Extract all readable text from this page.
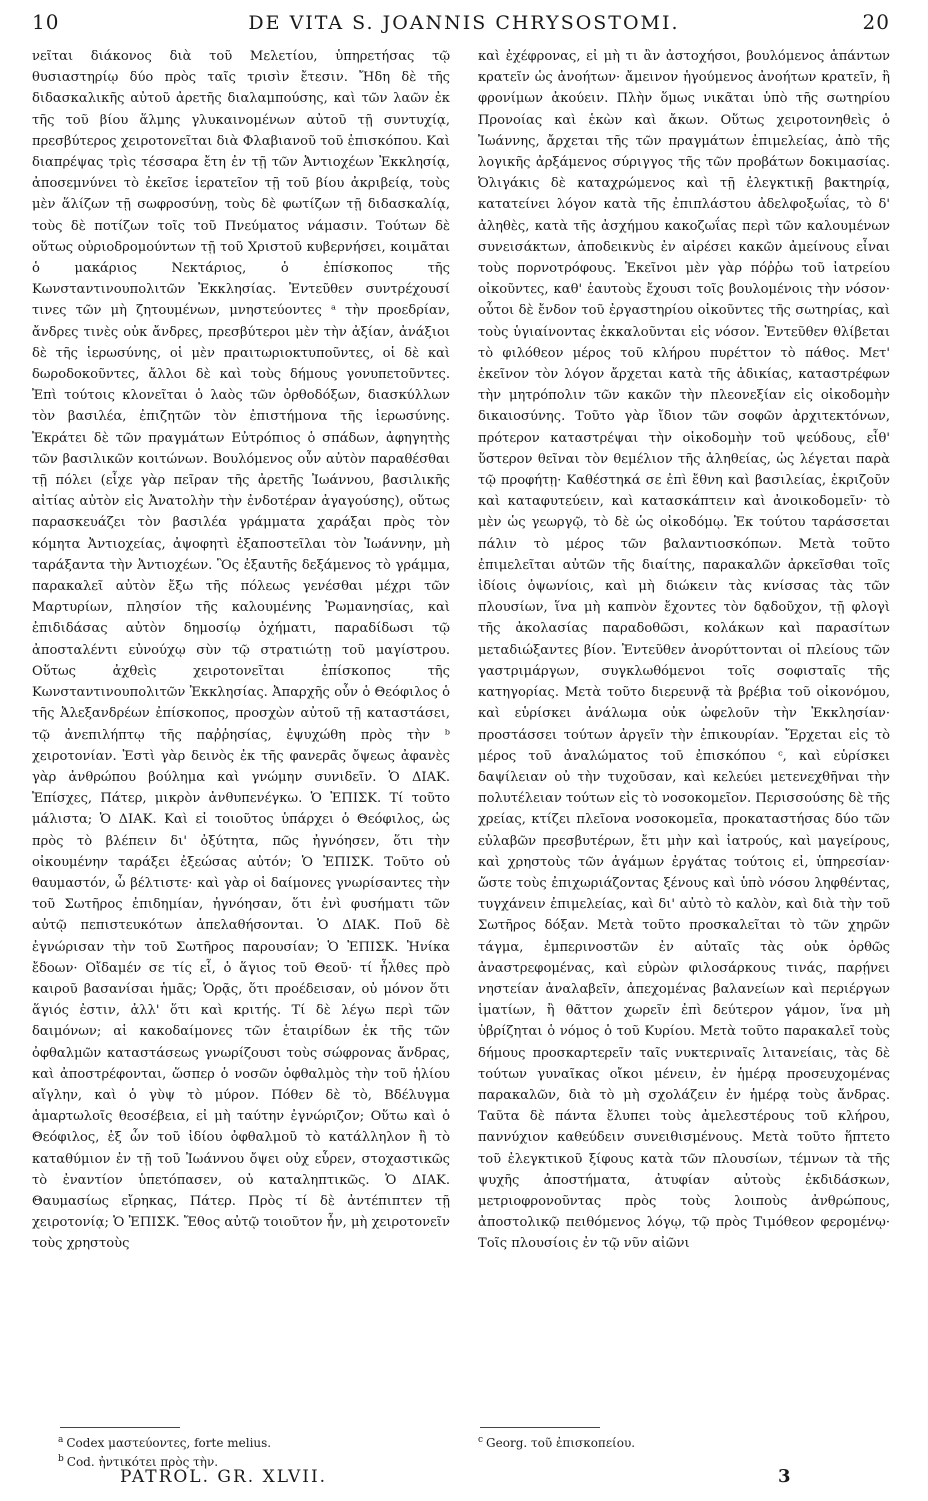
10	DE VITA S. JOANNIS CHRYSOSTOMI.	20

νεῖται διάκονος διὰ τοῦ Μελετίου, ὑπηρετήσας τῷ θυσιαστηρίῳ δύο πρὸς ταῖς τρισὶν ἔτεσιν. Ἤδη δὲ τῆς διδασκαλικῆς αὐτοῦ ἀρετῆς διαλαμπούσης, καὶ τῶν λαῶν ἐκ τῆς τοῦ βίου ἅλμης γλυκαινομένων αὐτοῦ τῇ συντυχίᾳ, πρεσβύτερος χειροτονεῖται διὰ Φλαβιανοῦ τοῦ ἐπισκόπου. Καὶ διαπρέψας τρὶς τέσσαρα ἔτη ἐν τῇ τῶν Ἀντιοχέων Ἐκκλησίᾳ, ἀποσεμνύνει τὸ ἐκεῖσε ἱερατεῖον τῇ τοῦ βίου ἀκριβείᾳ, τοὺς μὲν ἅλίζων τῇ σωφροσύνῃ, τοὺς δὲ φωτίζων τῇ διδασκαλίᾳ, τοὺς δὲ ποτίζων τοῖς τοῦ Πνεύματος νάμασιν. Τούτων δὲ οὕτως οὐριοδρομούντων τῇ τοῦ Χριστοῦ κυβερνήσει, κοιμᾶται ὁ μακάριος Νεκτάριος, ὁ ἐπίσκοπος τῆς Κωνσταντινουπολιτῶν Ἐκκλησίας. Ἐντεῦθεν συντρέχουσί τινες τῶν μὴ ζητουμένων, μνηστεύοντες ᵃ τὴν προεδρίαν, ἄνδρες τινὲς οὐκ ἄνδρες, πρεσβύτεροι μὲν τὴν ἀξίαν, ἀνάξιοι δὲ τῆς ἱερωσύνης, οἱ μὲν πραιτωριοκτυποῦντες, οἱ δὲ καὶ δωροδοκοῦντες, ἄλλοι δὲ καὶ τοὺς δήμους γονυπετοῦντες. Ἐπὶ τούτοις κλονεῖται ὁ λαὸς τῶν ὀρθοδόξων, διασκύλλων τὸν βασιλέα, ἐπιζητῶν τὸν ἐπιστήμονα τῆς ἱερωσύνης. Ἐκράτει δὲ τῶν πραγμάτων Εὐτρόπιος ὁ σπάδων, ἀφηγητὴς τῶν βασιλικῶν κοιτώνων. Βουλόμενος οὖν αὐτὸν παραθέσθαι τῇ πόλει (εἶχε γὰρ πεῖραν τῆς ἀρετῆς Ἰωάννου, βασιλικῆς αἰτίας αὐτὸν εἰς Ἀνατολὴν τὴν ἐνδοτέραν ἀγαγούσης), οὕτως παρασκευάζει τὸν βασιλέα γράμματα χαράξαι πρὸς τὸν κόμητα Ἀντιοχείας, ἀψοφητὶ ἐξαποστεῖλαι τὸν Ἰωάννην, μὴ ταράξαντα τὴν Ἀντιοχέων. Ὃς ἐξαυτῆς δεξάμενος τὸ γράμμα, παρακαλεῖ αὐτὸν ἔξω τῆς πόλεως γενέσθαι μέχρι τῶν Μαρτυρίων, πλησίον τῆς καλουμένης Ῥωμανησίας, καὶ ἐπιδιδάσας αὐτὸν δημοσίῳ ὀχήματι, παραδίδωσι τῷ ἀποσταλέντι εὐνούχῳ σὺν τῷ στρατιώτῃ τοῦ μαγίστρου. Οὕτως ἀχθεὶς χειροτονεῖται ἐπίσκοπος τῆς Κωνσταντινουπολιτῶν Ἐκκλησίας. Ἀπαρχῆς οὖν ὁ Θεόφιλος ὁ τῆς Ἀλεξανδρέων ἐπίσκοπος, προσχὼν αὐτοῦ τῇ καταστάσει, τῷ ἀνεπιλήπτῳ τῆς παῤῥησίας, ἐψυχώθη πρὸς τὴν ᵇ χειροτονίαν. Ἐστὶ γὰρ δεινὸς ἐκ τῆς φανερᾶς ὄψεως ἀφανὲς γὰρ ἀνθρώπου βούλημα καὶ γνώμην συνιδεῖν. Ὁ ΔΙΑΚ. Ἐπίσχες, Πάτερ, μικρὸν ἀνθυπενέγκω. Ὁ ἘΠΙΣΚ. Τί τοῦτο μάλιστα; Ὁ ΔΙΑΚ. Καὶ εἰ τοιοῦτος ὑπάρχει ὁ Θεόφιλος, ὡς πρὸς τὸ βλέπειν δι' ὀξύτητα, πῶς ἠγνόησεν, ὅτι τὴν οἰκουμένην ταράξει ἐξεώσας αὐτόν; Ὁ ἘΠΙΣΚ. Τοῦτο οὐ θαυμαστόν, ὦ βέλτιστε· καὶ γὰρ οἱ δαίμονες γνωρίσαντες τὴν τοῦ Σωτῆρος ἐπιδημίαν, ἠγνόησαν, ὅτι ἐνὶ φυσήματι τῶν αὐτῷ πεπιστευκότων ἀπελαθήσονται. Ὁ ΔΙΑΚ. Ποῦ δὲ ἐγνώρισαν τὴν τοῦ Σωτῆρος παρουσίαν; Ὁ ἘΠΙΣΚ. Ἡνίκα ἔδοων· Οἴδαμέν σε τίς εἶ, ὁ ἅγιος τοῦ Θεοῦ· τί ἦλθες πρὸ καιροῦ βασανίσαι ἡμᾶς; Ὁρᾷς, ὅτι προέδεισαν, οὐ μόνον ὅτι ἅγιός ἐστιν, ἀλλ' ὅτι καὶ κριτής. Τί δὲ λέγω περὶ τῶν δαιμόνων; αἱ κακοδαίμονες τῶν ἑταιρίδων ἐκ τῆς τῶν ὀφθαλμῶν καταστάσεως γνωρίζουσι τοὺς σώφρονας ἄνδρας, καὶ ἀποστρέφονται, ὥσπερ ὁ νοσῶν ὀφθαλμὸς τὴν τοῦ ἡλίου αἴγλην, καὶ ὁ γὺψ τὸ μύρον. Πόθεν δὲ τὸ, Βδέλυγμα ἁμαρτωλοῖς θεοσέβεια, εἰ μὴ ταύτην ἐγνώριζον; Οὕτω καὶ ὁ Θεόφιλος, ἐξ ὧν τοῦ ἰδίου ὀφθαλμοῦ τὸ κατάλληλον ἢ τὸ καταθύμιον ἐν τῇ τοῦ Ἰωάννου ὄψει οὐχ εὗρεν, στοχαστικῶς τὸ ἐναντίον ὑπετόπασεν, οὐ καταληπτικῶς. Ὁ ΔΙΑΚ. Θαυμασίως εἴρηκας, Πάτερ. Πρὸς τί δὲ ἀντέπιπτεν τῇ χειροτονίᾳ; Ὁ ἘΠΙΣΚ. Ἔθος αὐτῷ τοιοῦτον ἦν, μὴ χειροτονεῖν τοὺς χρηστοὺς

καὶ ἐχέφρονας, εἰ μὴ τι ἂν ἀστοχήσοι, βουλόμενος ἁπάντων κρατεῖν ὡς ἀνοήτων· ἄμεινον ἡγούμενος ἀνοήτων κρατεῖν, ἢ φρονίμων ἀκούειν. Πλὴν ὅμως νικᾶται ὑπὸ τῆς σωτηρίου Προνοίας καὶ ἑκὼν καὶ ἄκων. Οὕτως χειροτονηθεὶς ὁ Ἰωάννης, ἄρχεται τῆς τῶν πραγμάτων ἐπιμελείας, ἀπὸ τῆς λογικῆς ἀρξάμενος σύριγγος τῆς τῶν προβάτων δοκιμασίας. Ὀλιγάκις δὲ καταχρώμενος καὶ τῇ ἐλεγκτικῇ βακτηρίᾳ, κατατείνει λόγον κατὰ τῆς ἐπιπλάστου ἀδελφοξωΐας, τὸ δ' ἀληθὲς, κατὰ τῆς ἀσχήμου κακοζωΐας περὶ τῶν καλουμένων συνεισάκτων, ἀποδεικνὺς ἐν αἱρέσει κακῶν ἀμείνους εἶναι τοὺς πορνοτρόφους. Ἐκεῖνοι μὲν γὰρ πόῤῥω τοῦ ἰατρείου οἰκοῦντες, καθ' ἑαυτοὺς ἔχουσι τοῖς βουλομένοις τὴν νόσον· οὗτοι δὲ ἔνδον τοῦ ἐργαστηρίου οἰκοῦντες τῆς σωτηρίας, καὶ τοὺς ὑγιαίνοντας ἐκκαλοῦνται εἰς νόσον. Ἐντεῦθεν θλίβεται τὸ φιλόθεον μέρος τοῦ κλήρου πυρέττον τὸ πάθος. Μετ' ἐκεῖνον τὸν λόγον ἄρχεται κατὰ τῆς ἀδικίας, καταστρέφων τὴν μητρόπολιν τῶν κακῶν τὴν πλεονεξίαν εἰς οἰκοδομὴν δικαιοσύνης. Τοῦτο γὰρ ἴδιον τῶν σοφῶν ἀρχιτεκτόνων, πρότερον καταστρέψαι τὴν οἰκοδομὴν τοῦ ψεύδους, εἶθ' ὕστερον θεῖναι τὸν θεμέλιον τῆς ἀληθείας, ὡς λέγεται παρὰ τῷ προφήτῃ· Καθέστηκά σε ἐπὶ ἔθνη καὶ βασιλείας, ἐκριζοῦν καὶ καταφυτεύειν, καὶ κατασκάπτειν καὶ ἀνοικοδομεῖν· τὸ μὲν ὡς γεωργῷ, τὸ δὲ ὡς οἰκοδόμῳ. Ἐκ τούτου ταράσσεται πάλιν τὸ μέρος τῶν βαλαντιοσκόπων. Μετὰ τοῦτο ἐπιμελεῖται αὐτῶν τῆς διαίτης, παρακαλῶν ἀρκεῖσθαι τοῖς ἰδίοις ὀψωνίοις, καὶ μὴ διώκειν τὰς κνίσσας τὰς τῶν πλουσίων, ἵνα μὴ καπνὸν ἔχοντες τὸν δᾳδοῦχον, τῇ φλογὶ τῆς ἀκολασίας παραδοθῶσι, κολάκων καὶ παρασίτων μεταδιώξαντες βίον. Ἐντεῦθεν ἀνορύττονται οἱ πλείους τῶν γαστριμάργων, συγκλωθόμενοι τοῖς σοφισταῖς τῆς κατηγορίας. Μετὰ τοῦτο διερευνᾷ τὰ βρέβια τοῦ οἰκονόμου, καὶ εὑρίσκει ἀνάλωμα οὐκ ὠφελοῦν τὴν Ἐκκλησίαν· προστάσσει τούτων ἀργεῖν τὴν ἐπικουρίαν. Ἔρχεται εἰς τὸ μέρος τοῦ ἀναλώματος τοῦ ἐπισκόπου ᶜ, καὶ εὑρίσκει δαψίλειαν οὐ τὴν τυχοῦσαν, καὶ κελεύει μετενεχθῆναι τὴν πολυτέλειαν τούτων εἰς τὸ νοσοκομεῖον. Περισσούσης δὲ τῆς χρείας, κτίζει πλεῖονα νοσοκομεῖα, προκαταστήσας δύο τῶν εὐλαβῶν πρεσβυτέρων, ἔτι μὴν καὶ ἰατρούς, καὶ μαγείρους, καὶ χρηστοὺς τῶν ἀγάμων ἐργάτας τούτοις εἰ, ὑπηρεσίαν· ὥστε τοὺς ἐπιχωριάζοντας ξένους καὶ ὑπὸ νόσου ληφθέντας, τυγχάνειν ἐπιμελείας, καὶ δι' αὐτὸ τὸ καλὸν, καὶ διὰ τὴν τοῦ Σωτῆρος δόξαν. Μετὰ τοῦτο προσκαλεῖται τὸ τῶν χηρῶν τάγμα, ἐμπερινοστῶν ἐν αὐταῖς τὰς οὐκ ὀρθῶς ἀναστρεφομένας, καὶ εὑρὼν φιλοσάρκους τινάς, παρῄνει νηστείαν ἀναλαβεῖν, ἀπεχομένας βαλανείων καὶ περιέργων ἱματίων, ἢ θᾶττον χωρεῖν ἐπὶ δεύτερον γάμον, ἵνα μὴ ὑβρίζηται ὁ νόμος ὁ τοῦ Κυρίου. Μετὰ τοῦτο παρακαλεῖ τοὺς δήμους προσκαρτερεῖν ταῖς νυκτεριναῖς λιτανείαις, τὰς δὲ τούτων γυναῖκας οἴκοι μένειν, ἐν ἡμέρᾳ προσευχομένας παρακαλῶν, διὰ τὸ μὴ σχολάζειν ἐν ἡμέρᾳ τοὺς ἄνδρας. Ταῦτα δὲ πάντα ἔλυπει τοὺς ἀμελεστέρους τοῦ κλήρου, παννύχιον καθεύδειν συνειθισμένους. Μετὰ τοῦτο ἥπτετο τοῦ ἐλεγκτικοῦ ξίφους κατὰ τῶν πλουσίων, τέμνων τὰ τῆς ψυχῆς ἀποστήματα, ἀτυφίαν αὐτοὺς ἐκδιδάσκων, μετριοφρονοῦντας πρὸς τοὺς λοιποὺς ἀνθρώπους, ἀποστολικῷ πειθόμενος λόγῳ, τῷ πρὸς Τιμόθεον φερομένῳ· Τοῖς πλουσίοις ἐν τῷ νῦν αἰῶνι

$^a$ Codex μαστεύοντες, forte melius.
$^b$ Cod. ἠντικότει πρὸς τὴν.
$^c$ Georg. τοῦ ἐπισκοπείου.
PATROL. GR. XLVII.	3
